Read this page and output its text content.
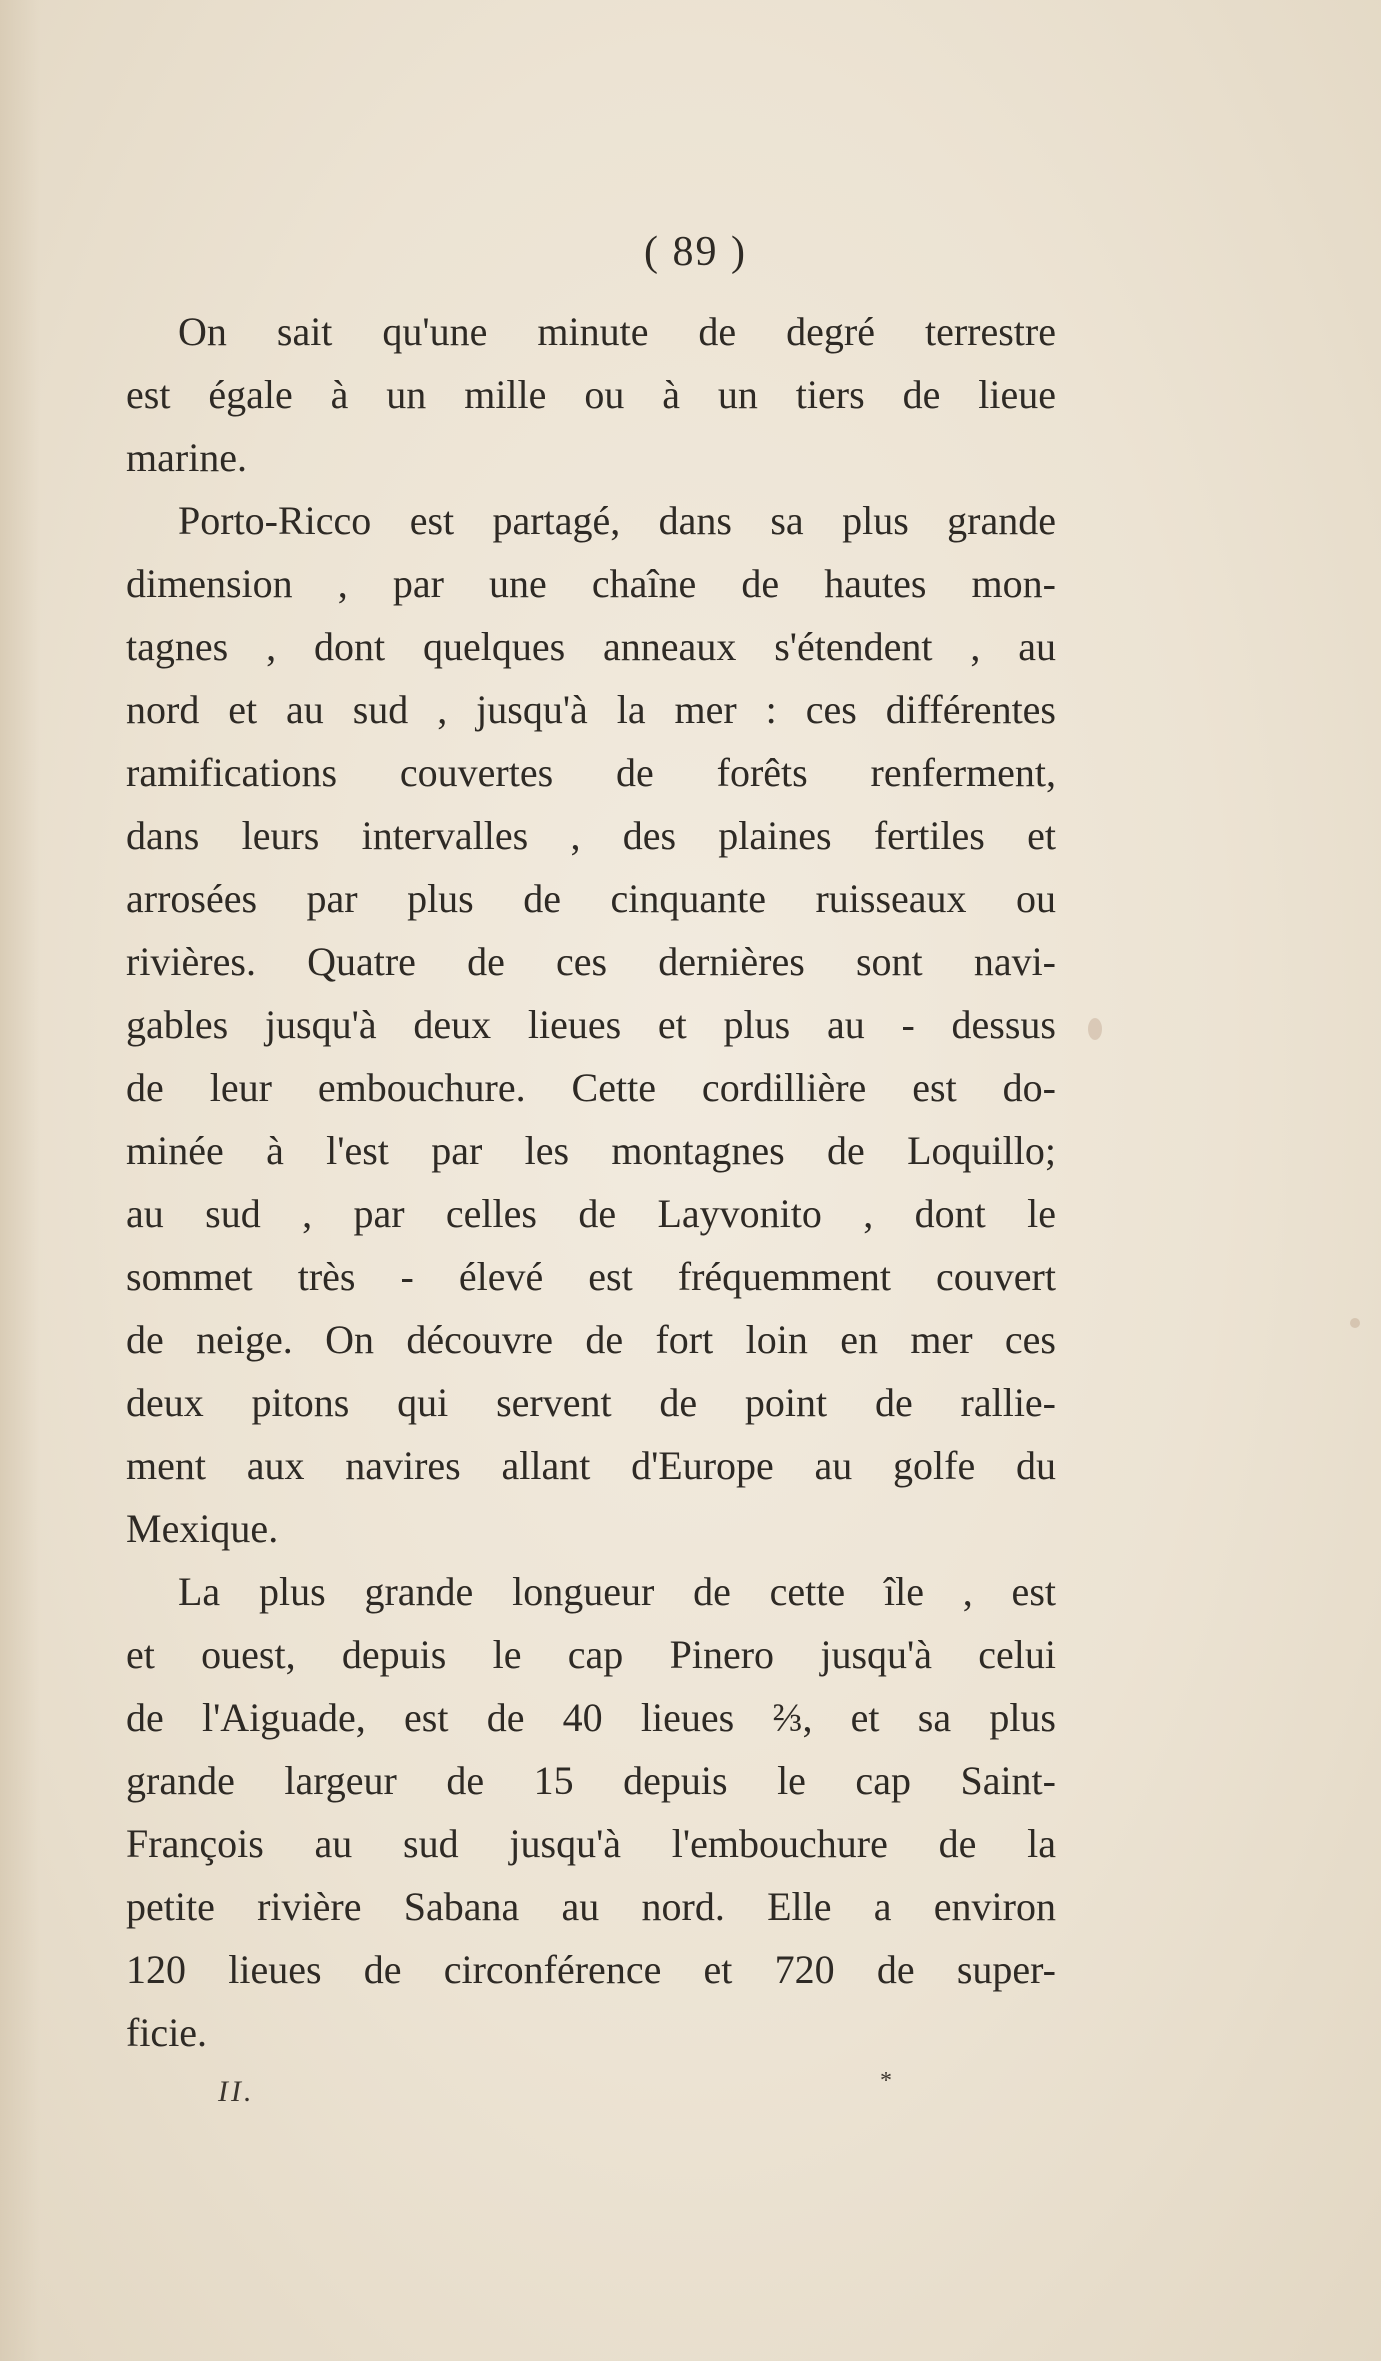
( 89 )

On sait qu'une minute de degré terrestre
est égale à un mille ou à un tiers de lieue
marine.

Porto-Ricco est partagé, dans sa plus grande
dimension , par une chaîne de hautes mon-
tagnes , dont quelques anneaux s'étendent , au
nord et au sud , jusqu'à la mer : ces différentes
ramifications couvertes de forêts renferment,
dans leurs intervalles , des plaines fertiles et
arrosées par plus de cinquante ruisseaux ou
rivières. Quatre de ces dernières sont navi-
gables jusqu'à deux lieues et plus au - dessus
de leur embouchure. Cette cordillière est do-
minée à l'est par les montagnes de Loquillo;
au sud , par celles de Layvonito , dont le
sommet très - élevé est fréquemment couvert
de neige. On découvre de fort loin en mer ces
deux pitons qui servent de point de rallie-
ment aux navires allant d'Europe au golfe du
Mexique.

La plus grande longueur de cette île , est
et ouest, depuis le cap Pinero jusqu'à celui
de l'Aiguade, est de 40 lieues ⅔, et sa plus
grande largeur de 15 depuis le cap Saint-
François au sud jusqu'à l'embouchure de la
petite rivière Sabana au nord. Elle a environ
120 lieues de circonférence et 720 de super-
ficie.

II.	*
